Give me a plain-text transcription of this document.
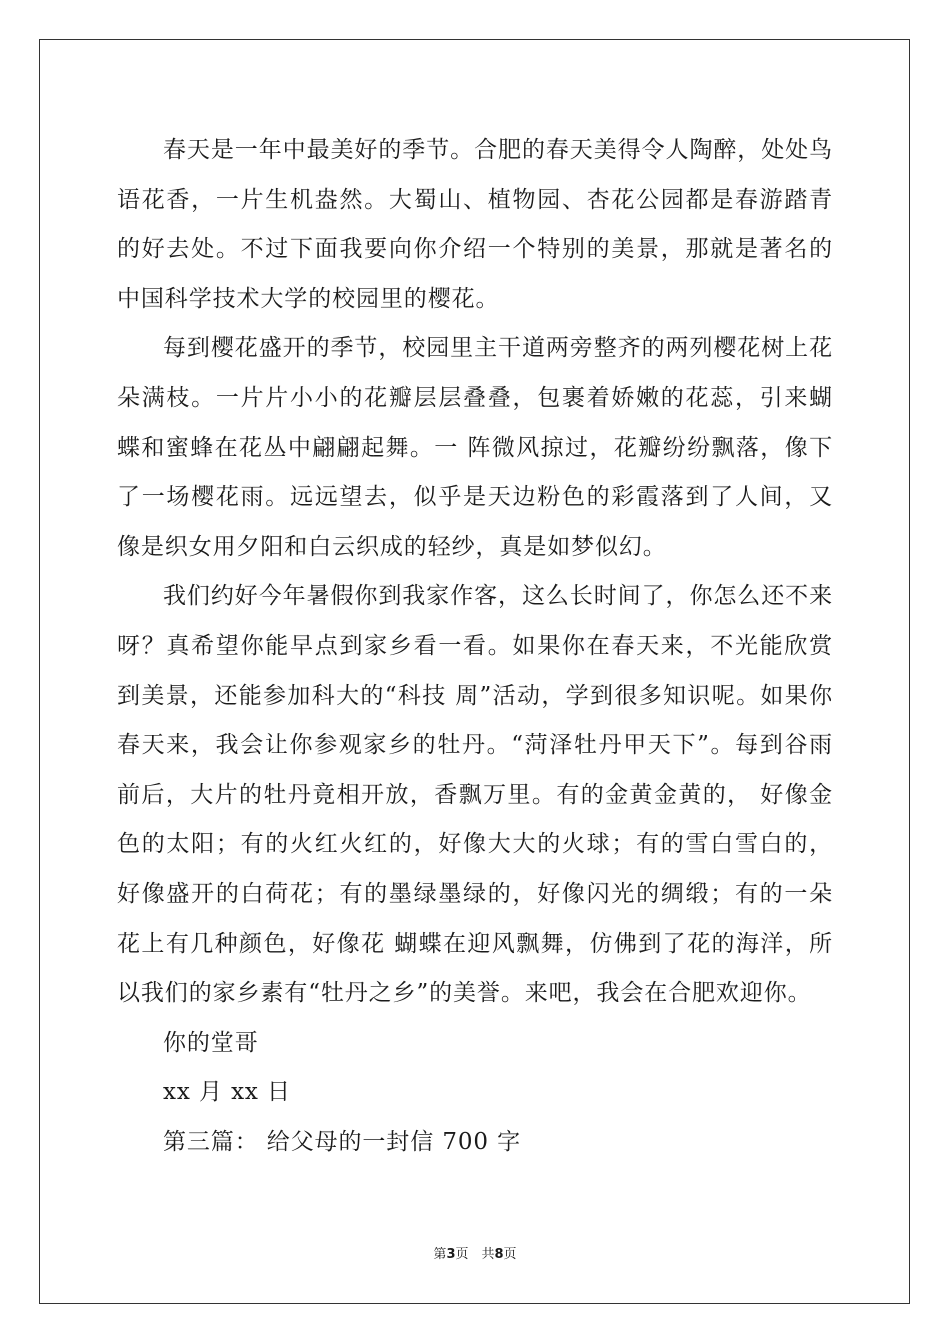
春天是一年中最美好的季节。合肥的春天美得令人陶醉，处处鸟语花香，一片生机盎然。大蜀山、植物园、杏花公园都是春游踏青的好去处。不过下面我要向你介绍一个特别的美景，那就是著名的中国科学技术大学的校园里的樱花。

每到樱花盛开的季节，校园里主干道两旁整齐的两列樱花树上花朵满枝。一片片小小的花瓣层层叠叠，包裹着娇嫩的花蕊，引来蝴蝶和蜜蜂在花丛中翩翩起舞。一 阵微风掠过，花瓣纷纷飘落，像下了一场樱花雨。远远望去，似乎是天边粉色的彩霞落到了人间，又像是织女用夕阳和白云织成的轻纱，真是如梦似幻。

我们约好今年暑假你到我家作客，这么长时间了，你怎么还不来呀？真希望你能早点到家乡看一看。如果你在春天来，不光能欣赏到美景，还能参加科大的“科技 周”活动，学到很多知识呢。如果你春天来，我会让你参观家乡的牡丹。“菏泽牡丹甲天下”。每到谷雨前后，大片的牡丹竟相开放，香飘万里。有的金黄金黄的， 好像金色的太阳；有的火红火红的，好像大大的火球；有的雪白雪白的，好像盛开的白荷花；有的墨绿墨绿的，好像闪光的绸缎；有的一朵花上有几种颜色，好像花 蝴蝶在迎风飘舞，仿佛到了花的海洋，所以我们的家乡素有“牡丹之乡”的美誉。来吧，我会在合肥欢迎你。

你的堂哥

xx 月 xx 日

第三篇： 给父母的一封信 700 字

第3页　共8页
